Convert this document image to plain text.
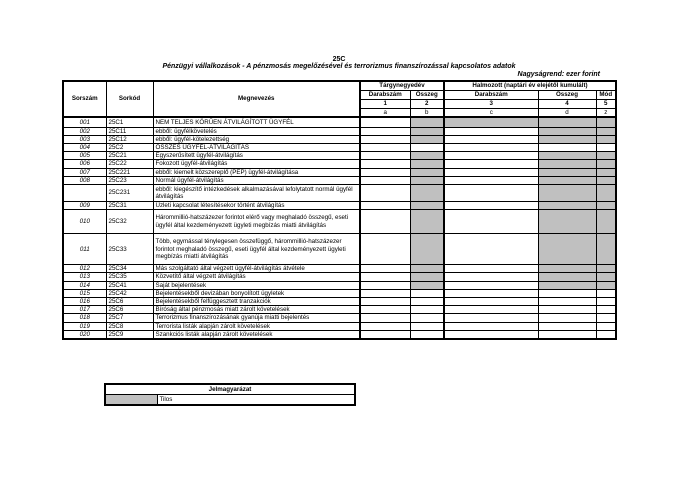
25C
Pénzügyi vállalkozások - A pénzmosás megelőzésével és terrorizmus finanszírozással kapcsolatos adatok
Nagyságrend: ezer forint
Sorszám	Sorkód	Megnevezés	Tárgynegyedév		Halmozott (naptári év elejétől kumulált)		
			Darabszám	Összeg	Darabszám	Összeg	Mód
			1	2	3	4	5
			a	b	c	d	z
001	25C1	NEM TELJES KÖRŰEN ÁTVILÁGÍTOTT ÜGYFÉL					
002	25C11	ebből: ügyfélkövetelés					
003	25C12	ebből: ügyfél-kötelezettség					
004	25C2	ÖSSZES ÜGYFÉL-ÁTVILÁGÍTÁS					
005	25C21	Egyszerűsített ügyfél-átvilágítás					
006	25C22	Fokozott ügyfél-átvilágítás					
007	25C221	ebből: kiemelt közszereplő (PEP) ügyfél-átvilágítása					
008	25C23	Normál ügyfél-átvilágítás					
	25C231	ebből: kiegészítő intézkedések alkalmazásával lefolytatott normál ügyfél átvilágítás					
009	25C31	Üzleti kapcsolat létesítésekor történt átvilágítás					
010	25C32	Hárommillió-hatszázezer forintot elérő vagy meghaladó összegű, eseti ügyfél által kezdeményezett ügyleti megbízás miatti átvilágítás					
011	25C33	Több, egymással ténylegesen összefüggő, hárommillió-hatszázezer forintot meghaladó összegű, eseti ügyfél által kezdeményezett ügyleti megbízás miatti átvilágítás					
012	25C34	Más szolgáltató által végzett ügyfél-átvilágítás átvétele					
013	25C35	Közvetítő által végzett átvilágítás					
014	25C41	Saját bejelentések					
015	25C42	Bejelentésekből devizában bonyolított ügyletek					
016	25C6	Bejelentésekből felfüggesztett tranzakciók					
017	25C6	Bíróság által pénzmosás miatt zárolt követelések					
018	25C7	Terrorizmus finanszírozásának gyanúja miatti bejelentés					
019	25C8	Terrorista listák alapján zárolt követelések					
020	25C9	Szankciós listák alapján zárolt követelések					
Jelmagyarázat
	Tilos
